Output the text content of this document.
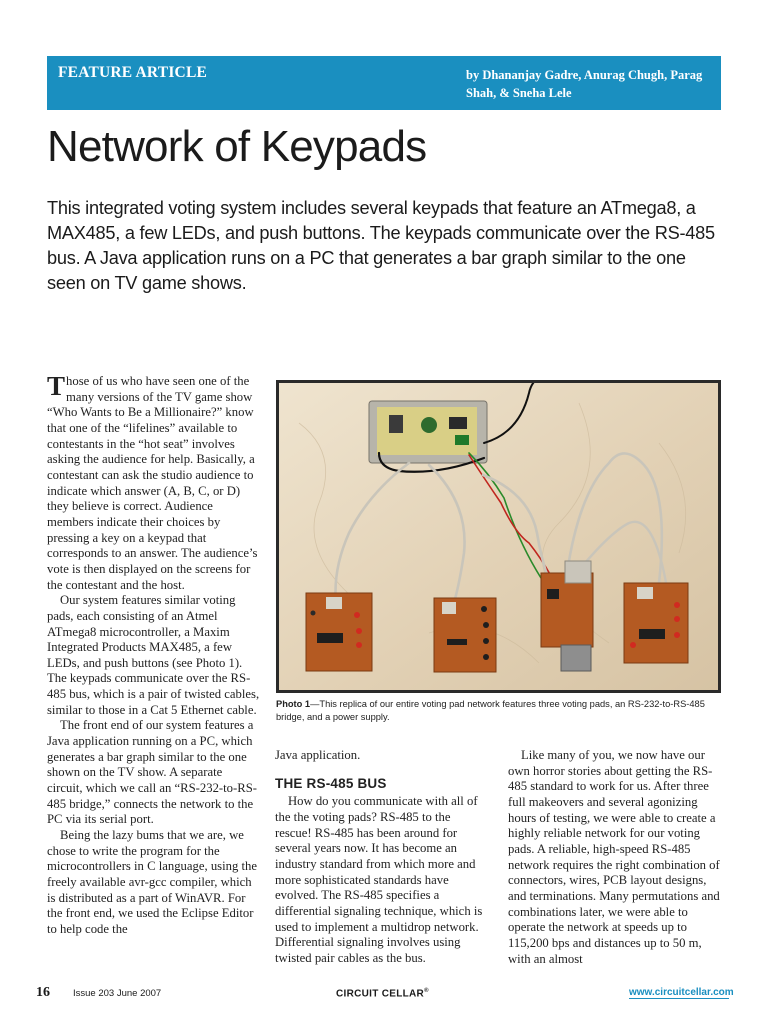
FEATURE ARTICLE	by Dhananjay Gadre, Anurag Chugh, Parag Shah, & Sneha Lele
Network of Keypads
This integrated voting system includes several keypads that feature an ATmega8, a MAX485, a few LEDs, and push buttons. The keypads communicate over the RS-485 bus. A Java application runs on a PC that generates a bar graph similar to the one seen on TV game shows.

Those of us who have seen one of the many versions of the TV game show “Who Wants to Be a Millionaire?” know that one of the “lifelines” available to contestants in the “hot seat” involves asking the audience for help. Basically, a contestant can ask the studio audience to indicate which answer (A, B, C, or D) they believe is correct. Audience members indicate their choices by pressing a key on a keypad that corresponds to an answer. The audience’s vote is then displayed on the screens for the contestant and the host.

Our system features similar voting pads, each consisting of an Atmel ATmega8 microcontroller, a Maxim Integrated Products MAX485, a few LEDs, and push buttons (see Photo 1). The keypads communicate over the RS-485 bus, which is a pair of twisted cables, similar to those in a Cat 5 Ethernet cable.

The front end of our system features a Java application running on a PC, which generates a bar graph similar to the one shown on the TV show. A separate circuit, which we call an “RS-232-to-RS-485 bridge,” connects the network to the PC via its serial port.

Being the lazy bums that we are, we chose to write the program for the microcontrollers in C language, using the freely available avr-gcc compiler, which is distributed as a part of WinAVR. For the front end, we used the Eclipse Editor to help code the

Photo 1—This replica of our entire voting pad network features three voting pads, an RS-232-to-RS-485 bridge, and a power supply.

Java application.

THE RS-485 BUS

How do you communicate with all of the the voting pads? RS-485 to the rescue! RS-485 has been around for several years now. It has become an industry standard from which more and more sophisticated standards have evolved. The RS-485 specifies a differential signaling technique, which is used to implement a multidrop network. Differential signaling involves using twisted pair cables as the bus.

Like many of you, we now have our own horror stories about getting the RS-485 standard to work for us. After three full makeovers and several agonizing hours of testing, we were able to create a highly reliable network for our voting pads. A reliable, high-speed RS-485 network requires the right combination of connectors, wires, PCB layout designs, and terminations. Many permutations and combinations later, we were able to operate the network at speeds up to 115,200 bps and distances up to 50 m, with an almost

16 Issue 203 June 2007	CIRCUIT CELLAR®	www.circuitcellar.com
